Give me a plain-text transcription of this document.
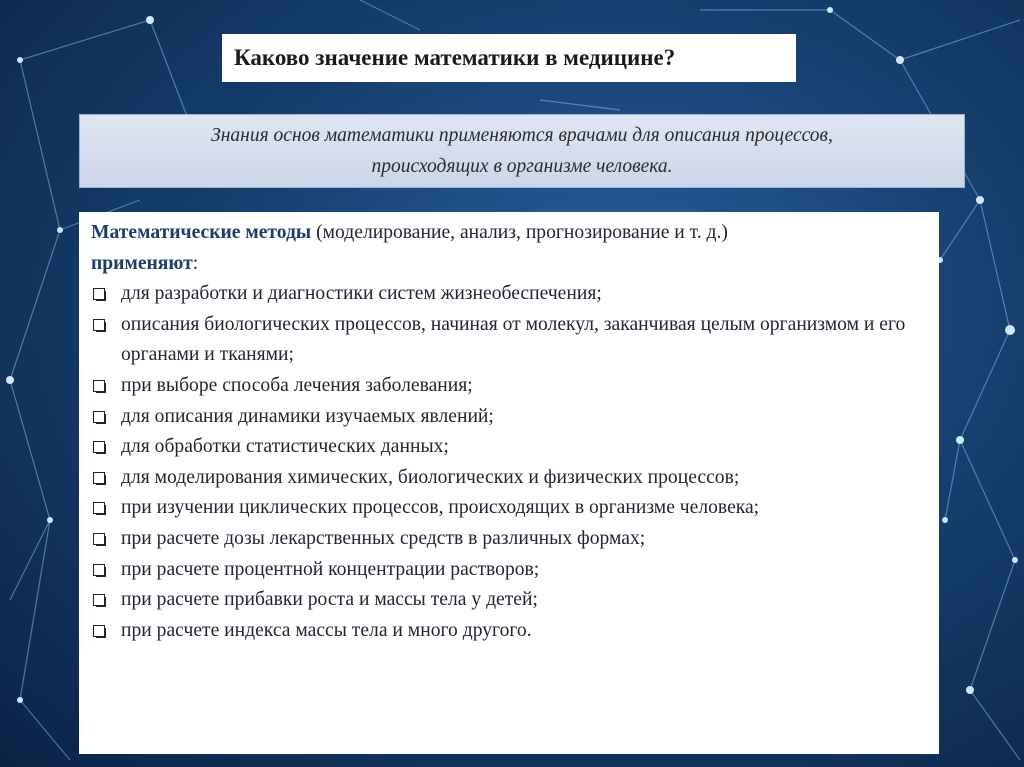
Каково значение математики в медицине?
Знания основ математики применяются врачами для описания процессов,
происходящих в организме человека.

Математические методы (моделирование, анализ, прогнозирование и т. д.)
применяют:

для разработки и диагностики систем жизнеобеспечения;
описания биологических процессов, начиная от молекул, заканчивая целым организмом и его органами и тканями;
при выборе способа лечения заболевания;
для описания динамики изучаемых явлений;
для обработки статистических данных;
для моделирования химических, биологических и физических процессов;
при изучении циклических процессов, происходящих в организме человека;
при расчете дозы лекарственных средств в различных формах;
при расчете процентной концентрации растворов;
при расчете прибавки роста и массы тела у детей;
при расчете индекса массы тела и много другого.
